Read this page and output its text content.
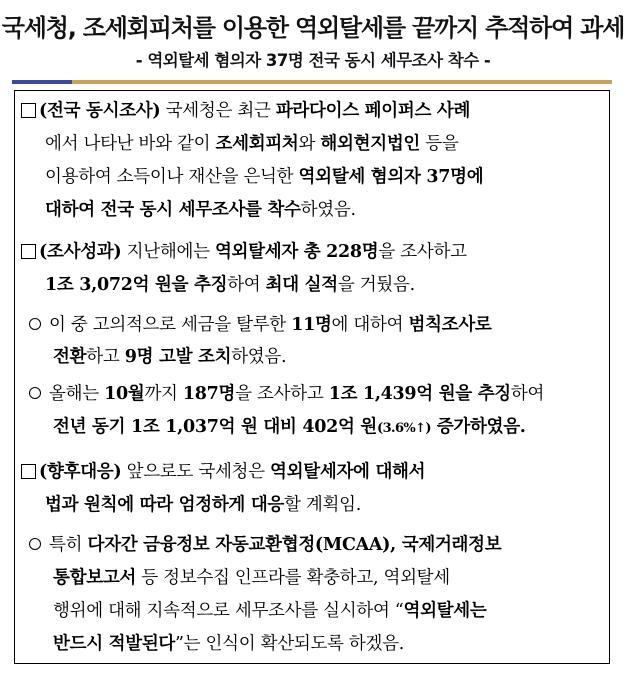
국세청, 조세회피처를 이용한 역외탈세를 끝까지 추적하여 과세
- 역외탈세 혐의자 37명 전국 동시 세무조사 착수 -
(전국 동시조사) 국세청은 최근 파라다이스 페이퍼스 사례
에서 나타난 바와 같이 조세회피처와 해외현지법인 등을
이용하여 소득이나 재산을 은닉한 역외탈세 혐의자 37명에
대하여 전국 동시 세무조사를 착수하였음.
(조사성과) 지난해에는 역외탈세자 총 228명을 조사하고
1조 3,072억 원을 추징하여 최대 실적을 거뒀음.
이 중 고의적으로 세금을 탈루한 11명에 대하여 범칙조사로
전환하고 9명 고발 조치하였음.
올해는 10월까지 187명을 조사하고 1조 1,439억 원을 추징하여
전년 동기 1조 1,037억 원 대비 402억 원(3.6%↑) 증가하였음.
(향후대응) 앞으로도 국세청은 역외탈세자에 대해서
법과 원칙에 따라 엄정하게 대응할 계획임.
특히 다자간 금융정보 자동교환협정(MCAA), 국제거래정보
통합보고서 등 정보수집 인프라를 확충하고, 역외탈세
행위에 대해 지속적으로 세무조사를 실시하여 “역외탈세는
반드시 적발된다”는 인식이 확산되도록 하겠음.
